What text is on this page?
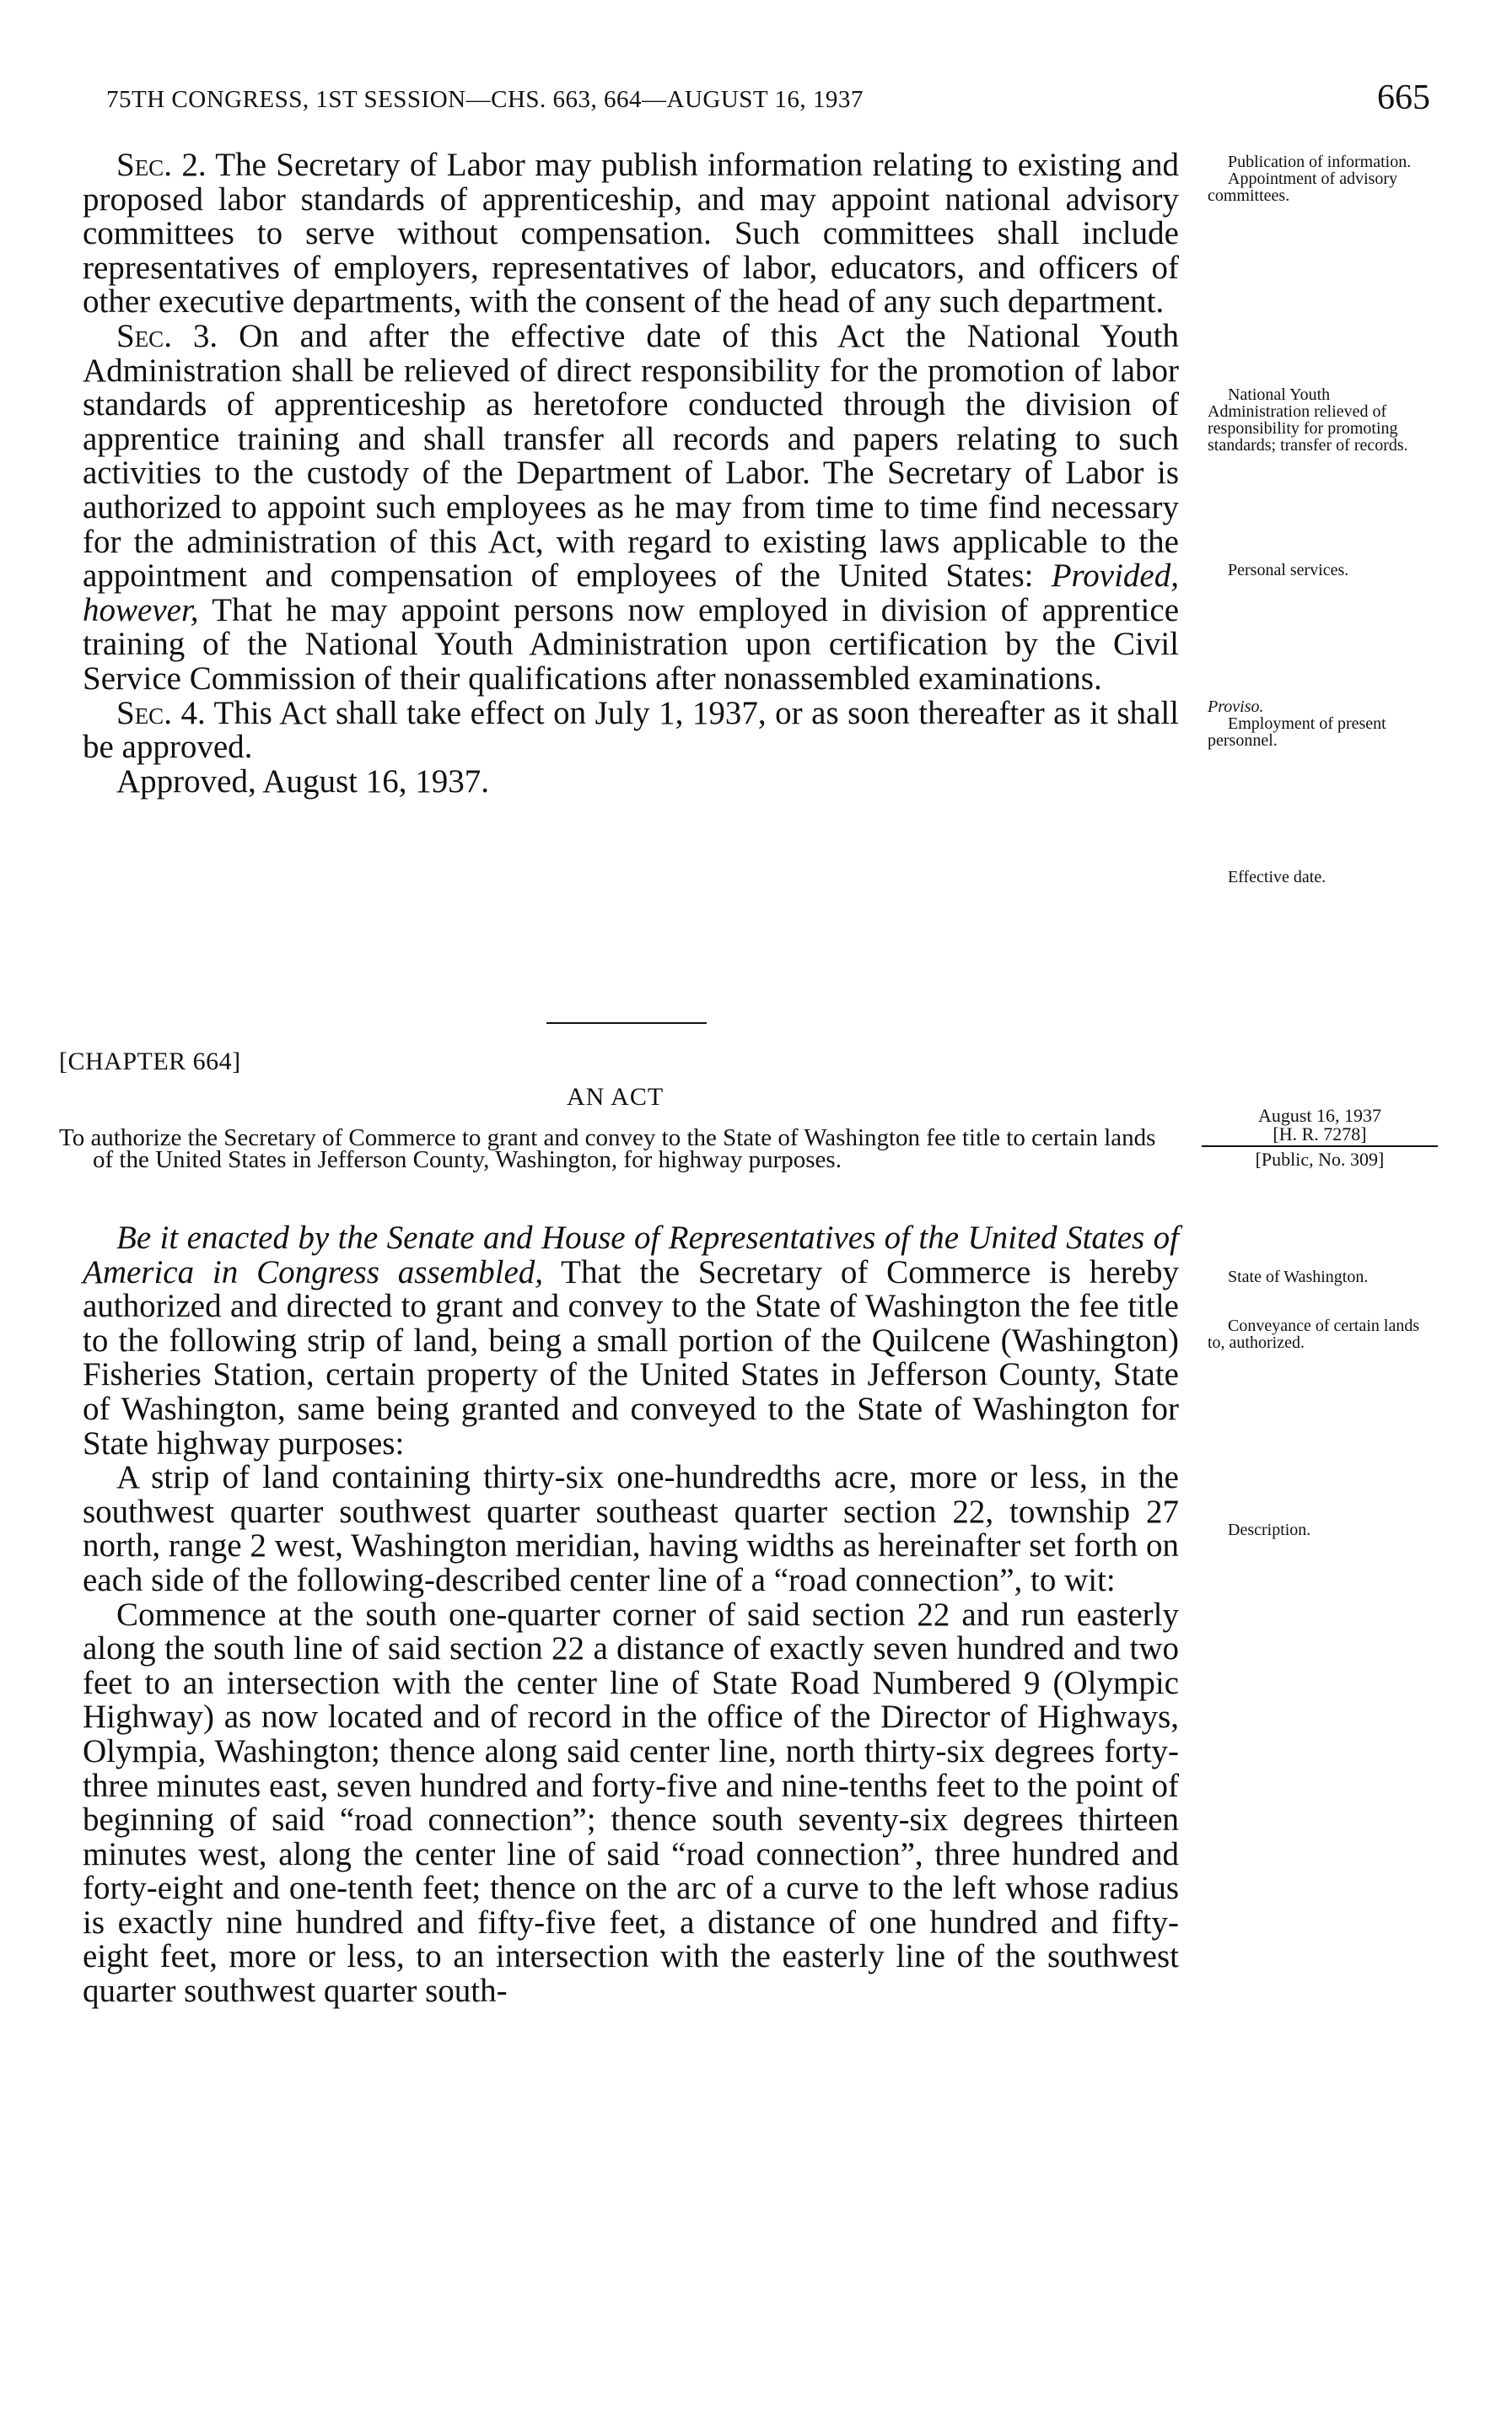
75TH CONGRESS, 1ST SESSION—CHS. 663, 664—AUGUST 16, 1937	665

Sec. 2. The Secretary of Labor may publish information relating to existing and proposed labor standards of apprenticeship, and may appoint national advisory committees to serve without compensation. Such committees shall include representatives of employers, representatives of labor, educators, and officers of other executive departments, with the consent of the head of any such department.

Sec. 3. On and after the effective date of this Act the National Youth Administration shall be relieved of direct responsibility for the promotion of labor standards of apprenticeship as heretofore conducted through the division of apprentice training and shall transfer all records and papers relating to such activities to the custody of the Department of Labor. The Secretary of Labor is authorized to appoint such employees as he may from time to time find necessary for the administration of this Act, with regard to existing laws applicable to the appointment and compensation of employees of the United States: Provided, however, That he may appoint persons now employed in division of apprentice training of the National Youth Administration upon certification by the Civil Service Commission of their qualifications after nonassembled examinations.

Sec. 4. This Act shall take effect on July 1, 1937, or as soon thereafter as it shall be approved.

Approved, August 16, 1937.

Publication of information.
Appointment of advisory committees.
National Youth Administration relieved of responsibility for promoting standards; transfer of records.
Personal services.
Proviso.
Employment of present personnel.
Effective date.
[CHAPTER 664]
AN ACT
August 16, 1937
[H. R. 7278]
[Public, No. 309]
To authorize the Secretary of Commerce to grant and convey to the State of Washington fee title to certain lands of the United States in Jefferson County, Washington, for highway purposes.

Be it enacted by the Senate and House of Representatives of the United States of America in Congress assembled, That the Secretary of Commerce is hereby authorized and directed to grant and convey to the State of Washington the fee title to the following strip of land, being a small portion of the Quilcene (Washington) Fisheries Station, certain property of the United States in Jefferson County, State of Washington, same being granted and conveyed to the State of Washington for State highway purposes:

A strip of land containing thirty-six one-hundredths acre, more or less, in the southwest quarter southwest quarter southeast quarter section 22, township 27 north, range 2 west, Washington meridian, having widths as hereinafter set forth on each side of the following-described center line of a “road connection”, to wit:

Commence at the south one-quarter corner of said section 22 and run easterly along the south line of said section 22 a distance of exactly seven hundred and two feet to an intersection with the center line of State Road Numbered 9 (Olympic Highway) as now located and of record in the office of the Director of Highways, Olympia, Washington; thence along said center line, north thirty-six degrees forty-three minutes east, seven hundred and forty-five and nine-tenths feet to the point of beginning of said “road connection”; thence south seventy-six degrees thirteen minutes west, along the center line of said “road connection”, three hundred and forty-eight and one-tenth feet; thence on the arc of a curve to the left whose radius is exactly nine hundred and fifty-five feet, a distance of one hundred and fifty-eight feet, more or less, to an intersection with the easterly line of the southwest quarter southwest quarter south-

State of Washington.
Conveyance of certain lands to, authorized.
Description.
